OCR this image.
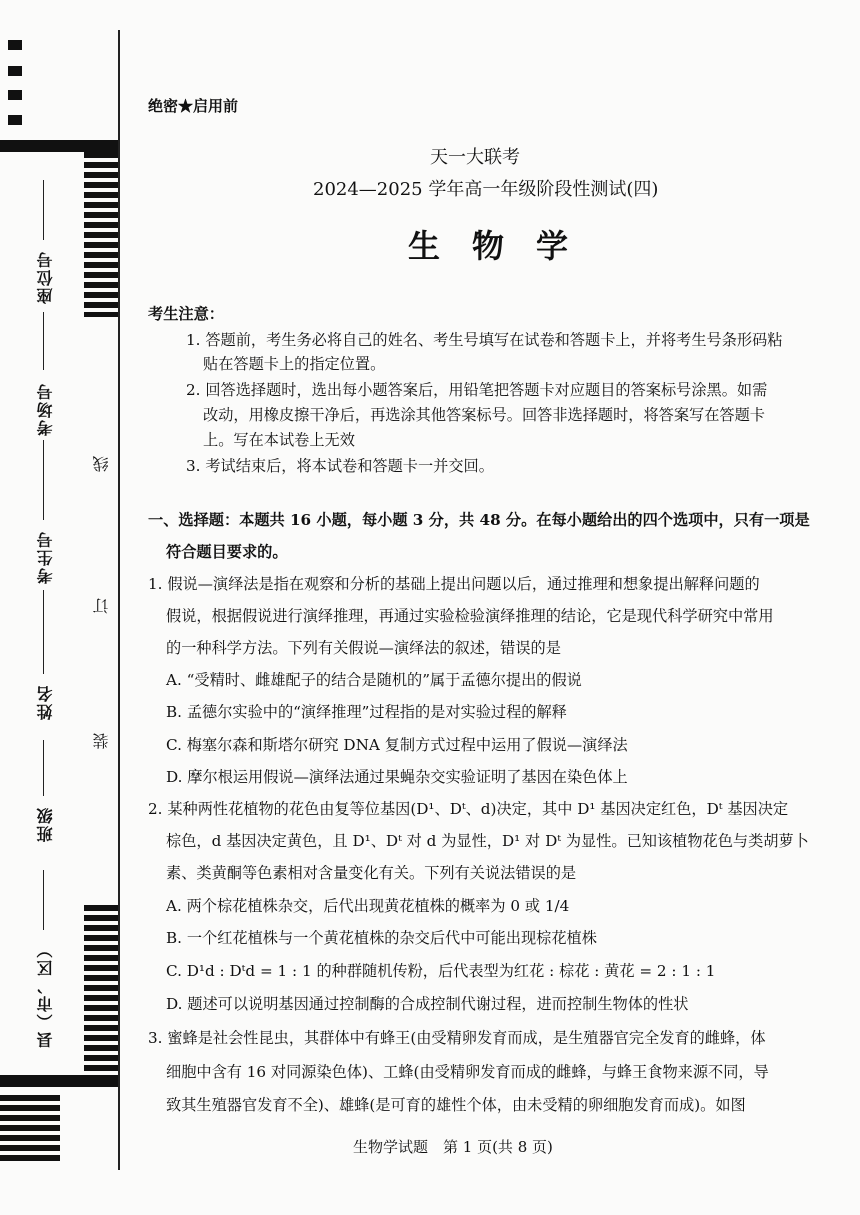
座位号
考场号
考生号
姓名
班级
县（市、区）
线
订
装
绝密★启用前
天一大联考
2024—2025 学年高一年级阶段性测试(四)
生　物　学
考生注意：
1. 答题前，考生务必将自己的姓名、考生号填写在试卷和答题卡上，并将考生号条形码粘
贴在答题卡上的指定位置。
2. 回答选择题时，选出每小题答案后，用铅笔把答题卡对应题目的答案标号涂黑。如需
改动，用橡皮擦干净后，再选涂其他答案标号。回答非选择题时，将答案写在答题卡
上。写在本试卷上无效
3. 考试结束后，将本试卷和答题卡一并交回。
一、选择题：本题共 16 小题，每小题 3 分，共 48 分。在每小题给出的四个选项中，只有一项是
符合题目要求的。
1. 假说—演绎法是指在观察和分析的基础上提出问题以后，通过推理和想象提出解释问题的
假说，根据假说进行演绎推理，再通过实验检验演绎推理的结论，它是现代科学研究中常用
的一种科学方法。下列有关假说—演绎法的叙述，错误的是
A. “受精时、雌雄配子的结合是随机的”属于孟德尔提出的假说
B. 孟德尔实验中的“演绎推理”过程指的是对实验过程的解释
C. 梅塞尔森和斯塔尔研究 DNA 复制方式过程中运用了假说—演绎法
D. 摩尔根运用假说—演绎法通过果蝇杂交实验证明了基因在染色体上
2. 某种两性花植物的花色由复等位基因(D¹、Dᵗ、d)决定，其中 D¹ 基因决定红色，Dᵗ 基因决定
棕色，d 基因决定黄色，且 D¹、Dᵗ 对 d 为显性，D¹ 对 Dᵗ 为显性。已知该植物花色与类胡萝卜
素、类黄酮等色素相对含量变化有关。下列有关说法错误的是
A. 两个棕花植株杂交，后代出现黄花植株的概率为 0 或 1/4
B. 一个红花植株与一个黄花植株的杂交后代中可能出现棕花植株
C. D¹d : Dᵗd = 1 : 1 的种群随机传粉，后代表型为红花 : 棕花 : 黄花 = 2 : 1 : 1
D. 题述可以说明基因通过控制酶的合成控制代谢过程，进而控制生物体的性状
3. 蜜蜂是社会性昆虫，其群体中有蜂王(由受精卵发育而成，是生殖器官完全发育的雌蜂，体
细胞中含有 16 对同源染色体)、工蜂(由受精卵发育而成的雌蜂，与蜂王食物来源不同，导
致其生殖器官发育不全)、雄蜂(是可育的雄性个体，由未受精的卵细胞发育而成)。如图
生物学试题　第 1 页(共 8 页)
